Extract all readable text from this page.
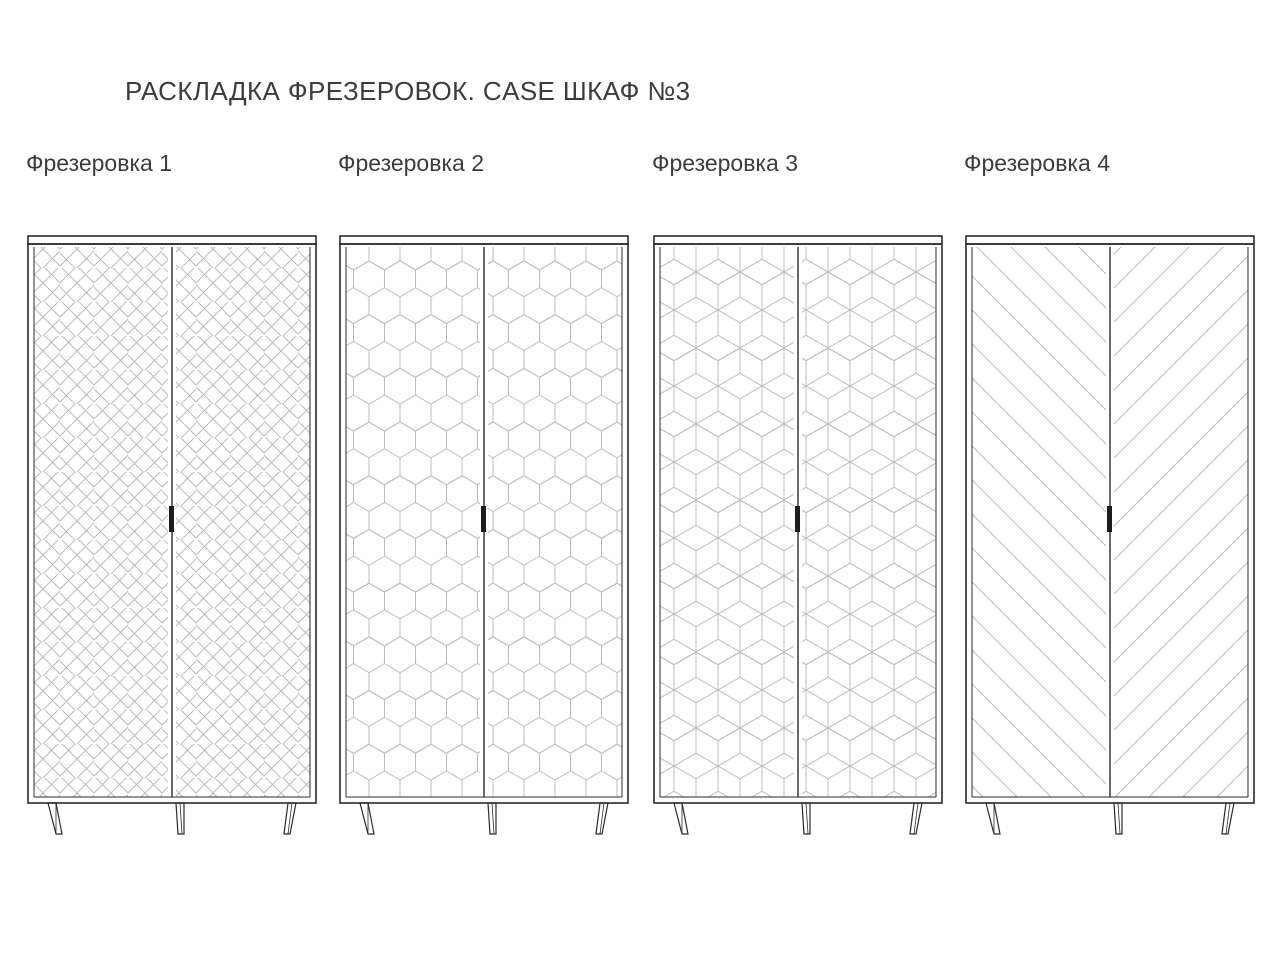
РАСКЛАДКА ФРЕЗЕРОВОК. CASE ШКАФ №3
Фрезеровка 1	Фрезеровка 2	Фрезеровка 3	Фрезеровка 4
